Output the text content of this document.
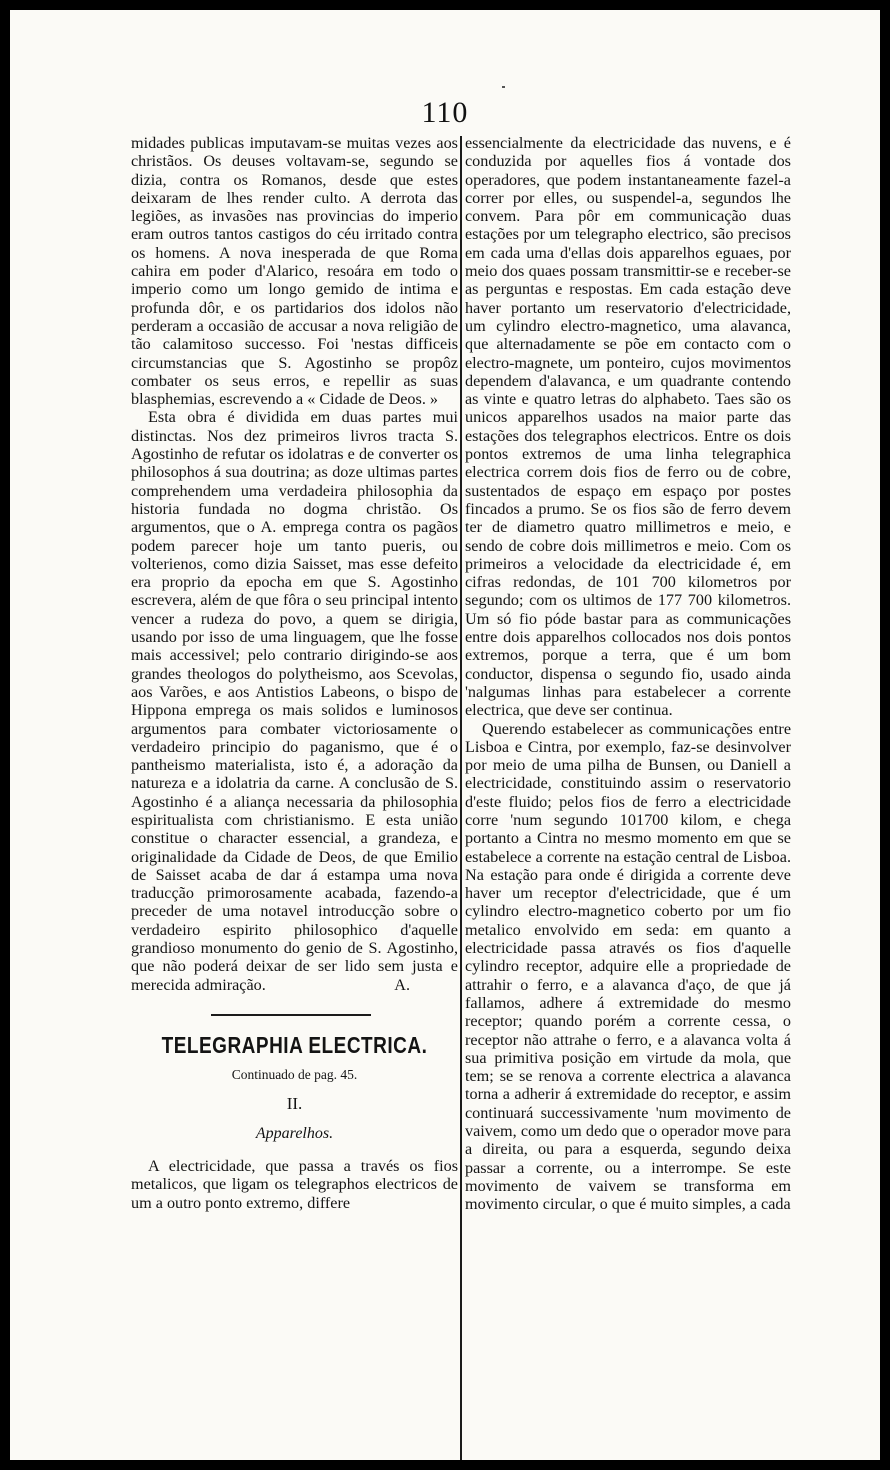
110

midades publicas imputavam-se muitas vezes aos christãos. Os deuses voltavam-se, segundo se dizia, contra os Romanos, desde que estes deixaram de lhes render culto. A derrota das legiões, as invasões nas provincias do imperio eram outros tantos castigos do céu irritado contra os homens. A nova inesperada de que Roma cahira em poder d'Alarico, resoára em todo o imperio como um longo gemido de intima e profunda dôr, e os partidarios dos idolos não perderam a occasião de accusar a nova religião de tão calamitoso successo. Foi 'nestas difficeis circumstancias que S. Agostinho se propôz combater os seus erros, e repellir as suas blasphemias, escrevendo a « Cidade de Deos. »

Esta obra é dividida em duas partes mui distinctas. Nos dez primeiros livros tracta S. Agostinho de refutar os idolatras e de converter os philosophos á sua doutrina; as doze ultimas partes comprehendem uma verdadeira philosophia da historia fundada no dogma christão. Os argumentos, que o A. emprega contra os pagãos podem parecer hoje um tanto pueris, ou volterienos, como dizia Saisset, mas esse defeito era proprio da epocha em que S. Agostinho escrevera, além de que fôra o seu principal intento vencer a rudeza do povo, a quem se dirigia, usando por isso de uma linguagem, que lhe fosse mais accessivel; pelo contrario dirigindo-se aos grandes theologos do polytheismo, aos Scevolas, aos Varões, e aos Antistios Labeons, o bispo de Hippona emprega os mais solidos e luminosos argumentos para combater victoriosamente o verdadeiro principio do paganismo, que é o pantheismo materialista, isto é, a adoração da natureza e a idolatria da carne. A conclusão de S. Agostinho é a aliança necessaria da philosophia espiritualista com christianismo. E esta união constitue o character essencial, a grandeza, e originalidade da Cidade de Deos, de que Emilio de Saisset acaba de dar á estampa uma nova traducção primorosamente acabada, fazendo-a preceder de uma notavel introducção sobre o verdadeiro espirito philosophico d'aquelle grandioso monumento do genio de S. Agostinho, que não poderá deixar de ser lido sem justa e merecida admiração.	A.

TELEGRAPHIA ELECTRICA.
Continuado de pag. 45.
II.
Apparelhos.

A electricidade, que passa a través os fios metalicos, que ligam os telegraphos electricos de um a outro ponto extremo, differe

essencialmente da electricidade das nuvens, e é conduzida por aquelles fios á vontade dos operadores, que podem instantaneamente fazel-a correr por elles, ou suspendel-a, segundos lhe convem. Para pôr em communicação duas estações por um telegrapho electrico, são precisos em cada uma d'ellas dois apparelhos eguaes, por meio dos quaes possam transmittir-se e receber-se as perguntas e respostas. Em cada estação deve haver portanto um reservatorio d'electricidade, um cylindro electro-magnetico, uma alavanca, que alternadamente se põe em contacto com o electro-magnete, um ponteiro, cujos movimentos dependem d'alavanca, e um quadrante contendo as vinte e quatro letras do alphabeto. Taes são os unicos apparelhos usados na maior parte das estações dos telegraphos electricos. Entre os dois pontos extremos de uma linha telegraphica electrica correm dois fios de ferro ou de cobre, sustentados de espaço em espaço por postes fincados a prumo. Se os fios são de ferro devem ter de diametro quatro millimetros e meio, e sendo de cobre dois millimetros e meio. Com os primeiros a velocidade da electricidade é, em cifras redondas, de 101 700 kilometros por segundo; com os ultimos de 177 700 kilometros. Um só fio póde bastar para as communicações entre dois apparelhos collocados nos dois pontos extremos, porque a terra, que é um bom conductor, dispensa o segundo fio, usado ainda 'nalgumas linhas para estabelecer a corrente electrica, que deve ser continua.

Querendo estabelecer as communicações entre Lisboa e Cintra, por exemplo, faz-se desinvolver por meio de uma pilha de Bunsen, ou Daniell a electricidade, constituindo assim o reservatorio d'este fluido; pelos fios de ferro a electricidade corre 'num segundo 101700 kilom, e chega portanto a Cintra no mesmo momento em que se estabelece a corrente na estação central de Lisboa. Na estação para onde é dirigida a corrente deve haver um receptor d'electricidade, que é um cylindro electro-magnetico coberto por um fio metalico envolvido em seda: em quanto a electricidade passa através os fios d'aquelle cylindro receptor, adquire elle a propriedade de attrahir o ferro, e a alavanca d'aço, de que já fallamos, adhere á extremidade do mesmo receptor; quando porém a corrente cessa, o receptor não attrahe o ferro, e a alavanca volta á sua primitiva posição em virtude da mola, que tem; se se renova a corrente electrica a alavanca torna a adherir á extremidade do receptor, e assim continuará successivamente 'num movimento de vaivem, como um dedo que o operador move para a direita, ou para a esquerda, segundo deixa passar a corrente, ou a interrompe. Se este movimento de vaivem se transforma em movimento circular, o que é muito simples, a cada
